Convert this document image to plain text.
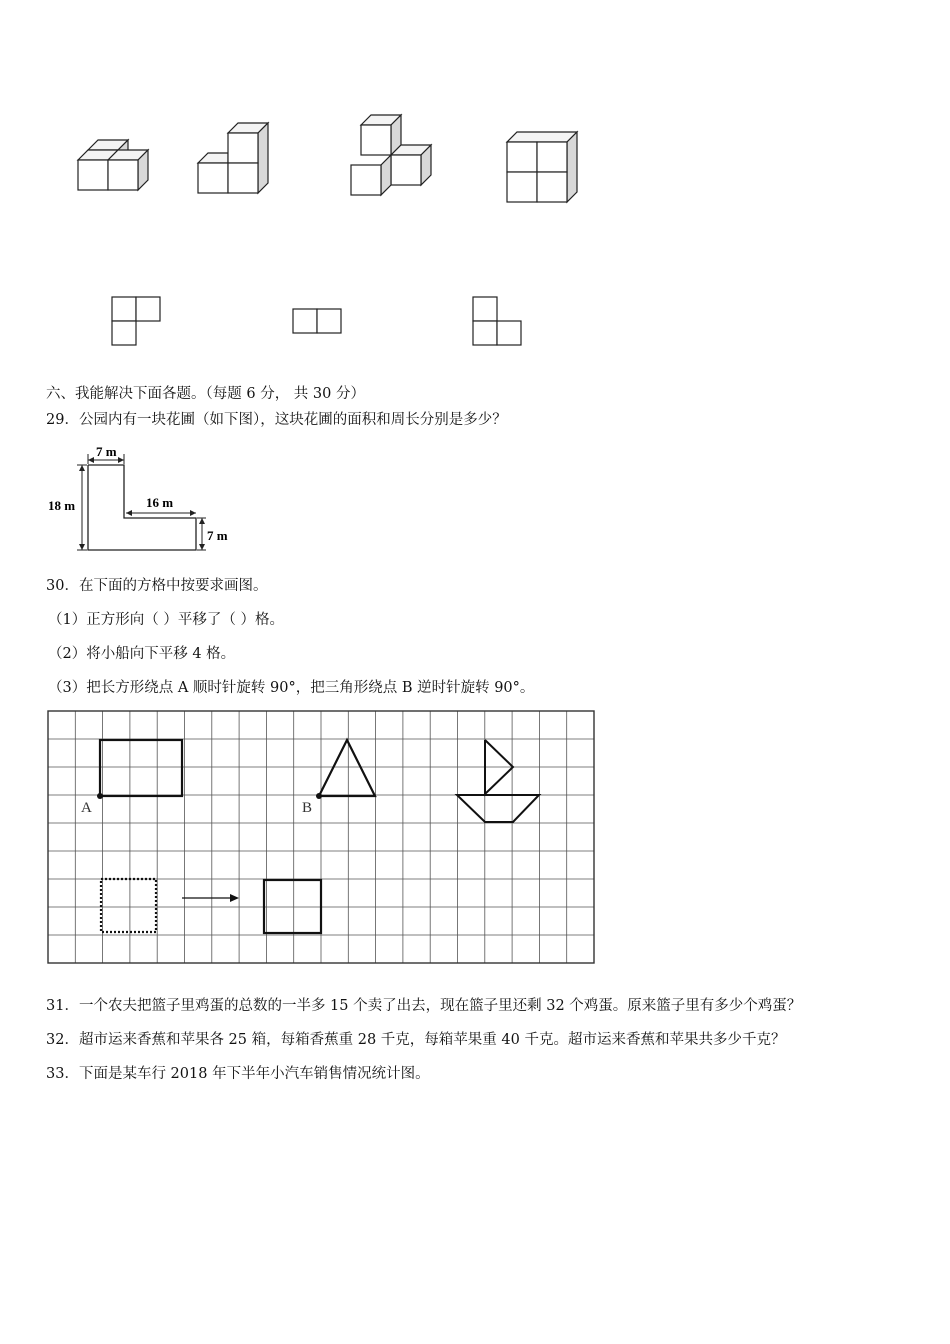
六、我能解决下面各题。（每题 6 分， 共 30 分）
29．公园内有一块花圃（如下图），这块花圃的面积和周长分别是多少？
7 m
18 m	16 m
7 m
30．在下面的方格中按要求画图。
（1）正方形向（ ）平移了（ ）格。
（2）将小船向下平移 4 格。
（3）把长方形绕点 A 顺时针旋转 90°，把三角形绕点 B 逆时针旋转 90°。
A	B
31．一个农夫把篮子里鸡蛋的总数的一半多 15 个卖了出去，现在篮子里还剩 32 个鸡蛋。原来篮子里有多少个鸡蛋？
32．超市运来香蕉和苹果各 25 箱，每箱香蕉重 28 千克，每箱苹果重 40 千克。超市运来香蕉和苹果共多少千克？
33．下面是某车行 2018 年下半年小汽车销售情况统计图。
